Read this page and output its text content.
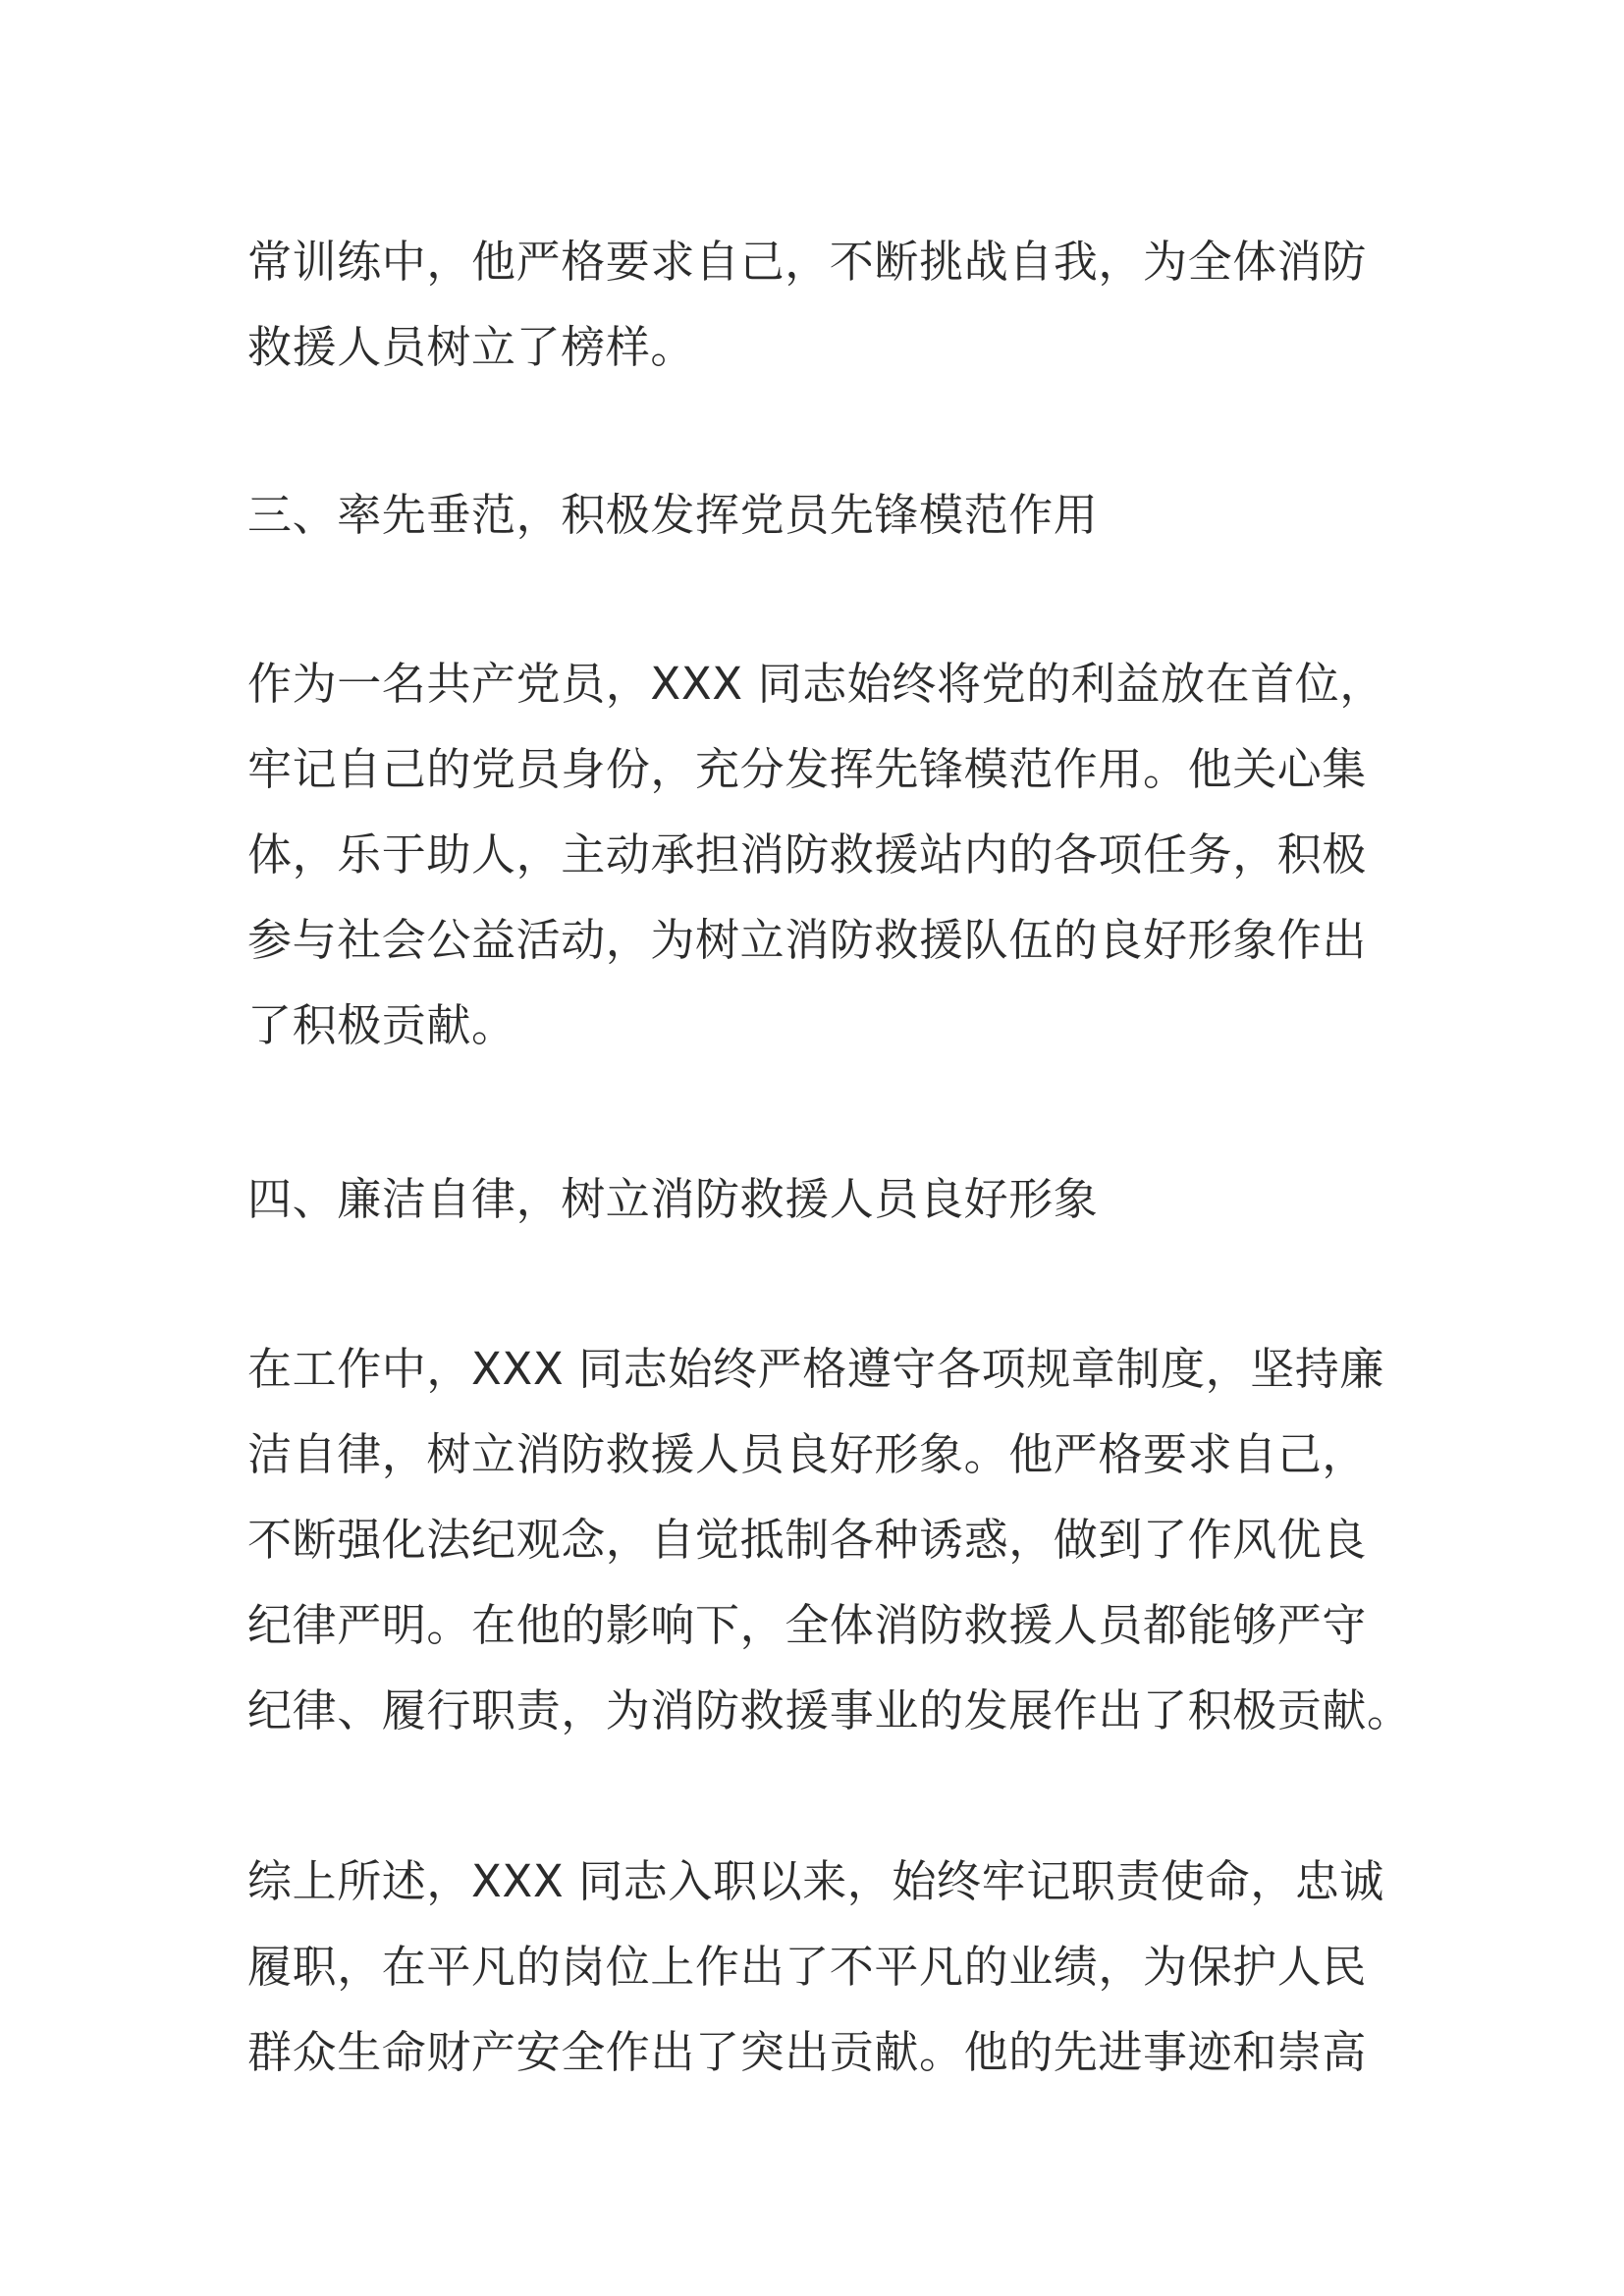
常训练中，他严格要求自己，不断挑战自我，为全体消防
救援人员树立了榜样。
三、率先垂范，积极发挥党员先锋模范作用
作为一名共产党员，XXX 同志始终将党的利益放在首位，
牢记自己的党员身份，充分发挥先锋模范作用。他关心集
体，乐于助人，主动承担消防救援站内的各项任务，积极
参与社会公益活动，为树立消防救援队伍的良好形象作出
了积极贡献。
四、廉洁自律，树立消防救援人员良好形象
在工作中，XXX 同志始终严格遵守各项规章制度，坚持廉
洁自律，树立消防救援人员良好形象。他严格要求自己，
不断强化法纪观念，自觉抵制各种诱惑，做到了作风优良
纪律严明。在他的影响下，全体消防救援人员都能够严守
纪律、履行职责，为消防救援事业的发展作出了积极贡献。
综上所述，XXX 同志入职以来，始终牢记职责使命，忠诚
履职，在平凡的岗位上作出了不平凡的业绩，为保护人民
群众生命财产安全作出了突出贡献。他的先进事迹和崇高
